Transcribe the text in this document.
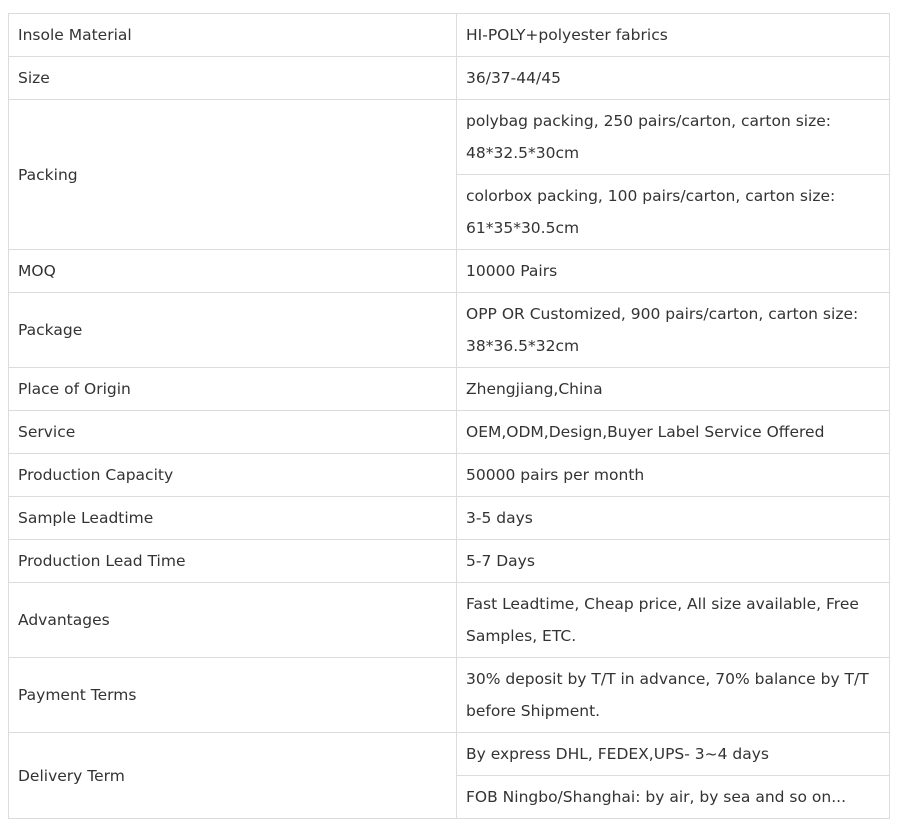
Insole Material	HI-POLY+polyester fabrics
Size	36/37-44/45
Packing	polybag packing, 250 pairs/carton, carton size: 48*32.5*30cm
	colorbox packing, 100 pairs/carton, carton size: 61*35*30.5cm
MOQ	10000 Pairs
Package	OPP OR Customized, 900 pairs/carton, carton size: 38*36.5*32cm
Place of Origin	Zhengjiang,China
Service	OEM,ODM,Design,Buyer Label Service Offered
Production Capacity	50000 pairs per month
Sample Leadtime	3-5 days
Production Lead Time	5-7 Days
Advantages	Fast Leadtime, Cheap price, All size available, Free Samples, ETC.
Payment Terms	30% deposit by T/T in advance, 70% balance by T/T before Shipment.
Delivery Term	By express DHL, FEDEX,UPS- 3~4 days
	FOB Ningbo/Shanghai: by air, by sea and so on...
